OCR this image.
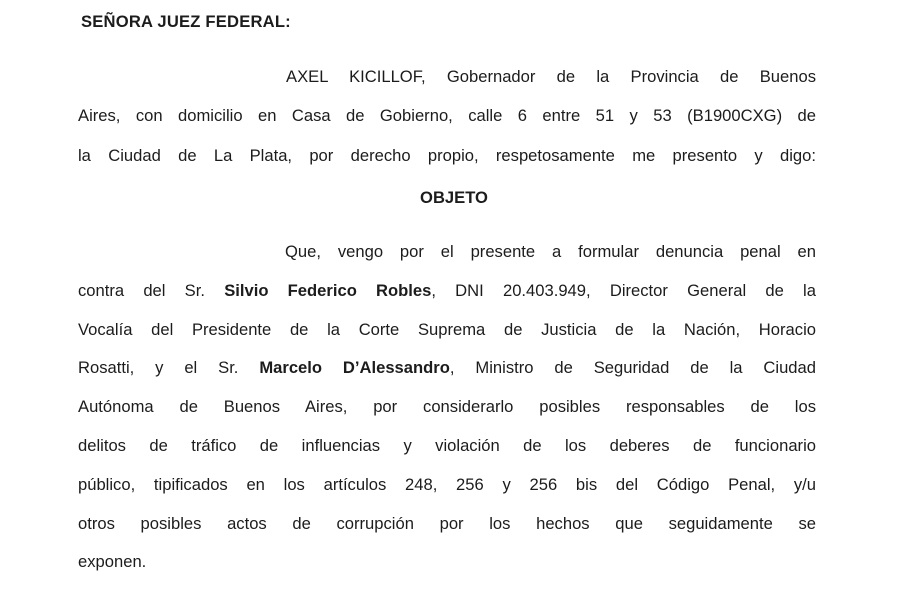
SEÑORA JUEZ FEDERAL:

AXEL KICILLOF, Gobernador de la Provincia de Buenos

Aires, con domicilio en Casa de Gobierno, calle 6 entre 51 y 53 (B1900CXG) de

la Ciudad de La Plata, por derecho propio, respetosamente me presento y digo:

OBJETO

Que, vengo por el presente a formular denuncia penal en

contra del Sr. Silvio Federico Robles, DNI 20.403.949, Director General de la

Vocalía del Presidente de la Corte Suprema de Justicia de la Nación, Horacio

Rosatti, y el Sr. Marcelo D’Alessandro, Ministro de Seguridad de la Ciudad

Autónoma de Buenos Aires, por considerarlo posibles responsables de los

delitos de tráfico de influencias y violación de los deberes de funcionario

público, tipificados en los artículos 248, 256 y 256 bis del Código Penal, y/u

otros posibles actos de corrupción por los hechos que seguidamente se

exponen.
